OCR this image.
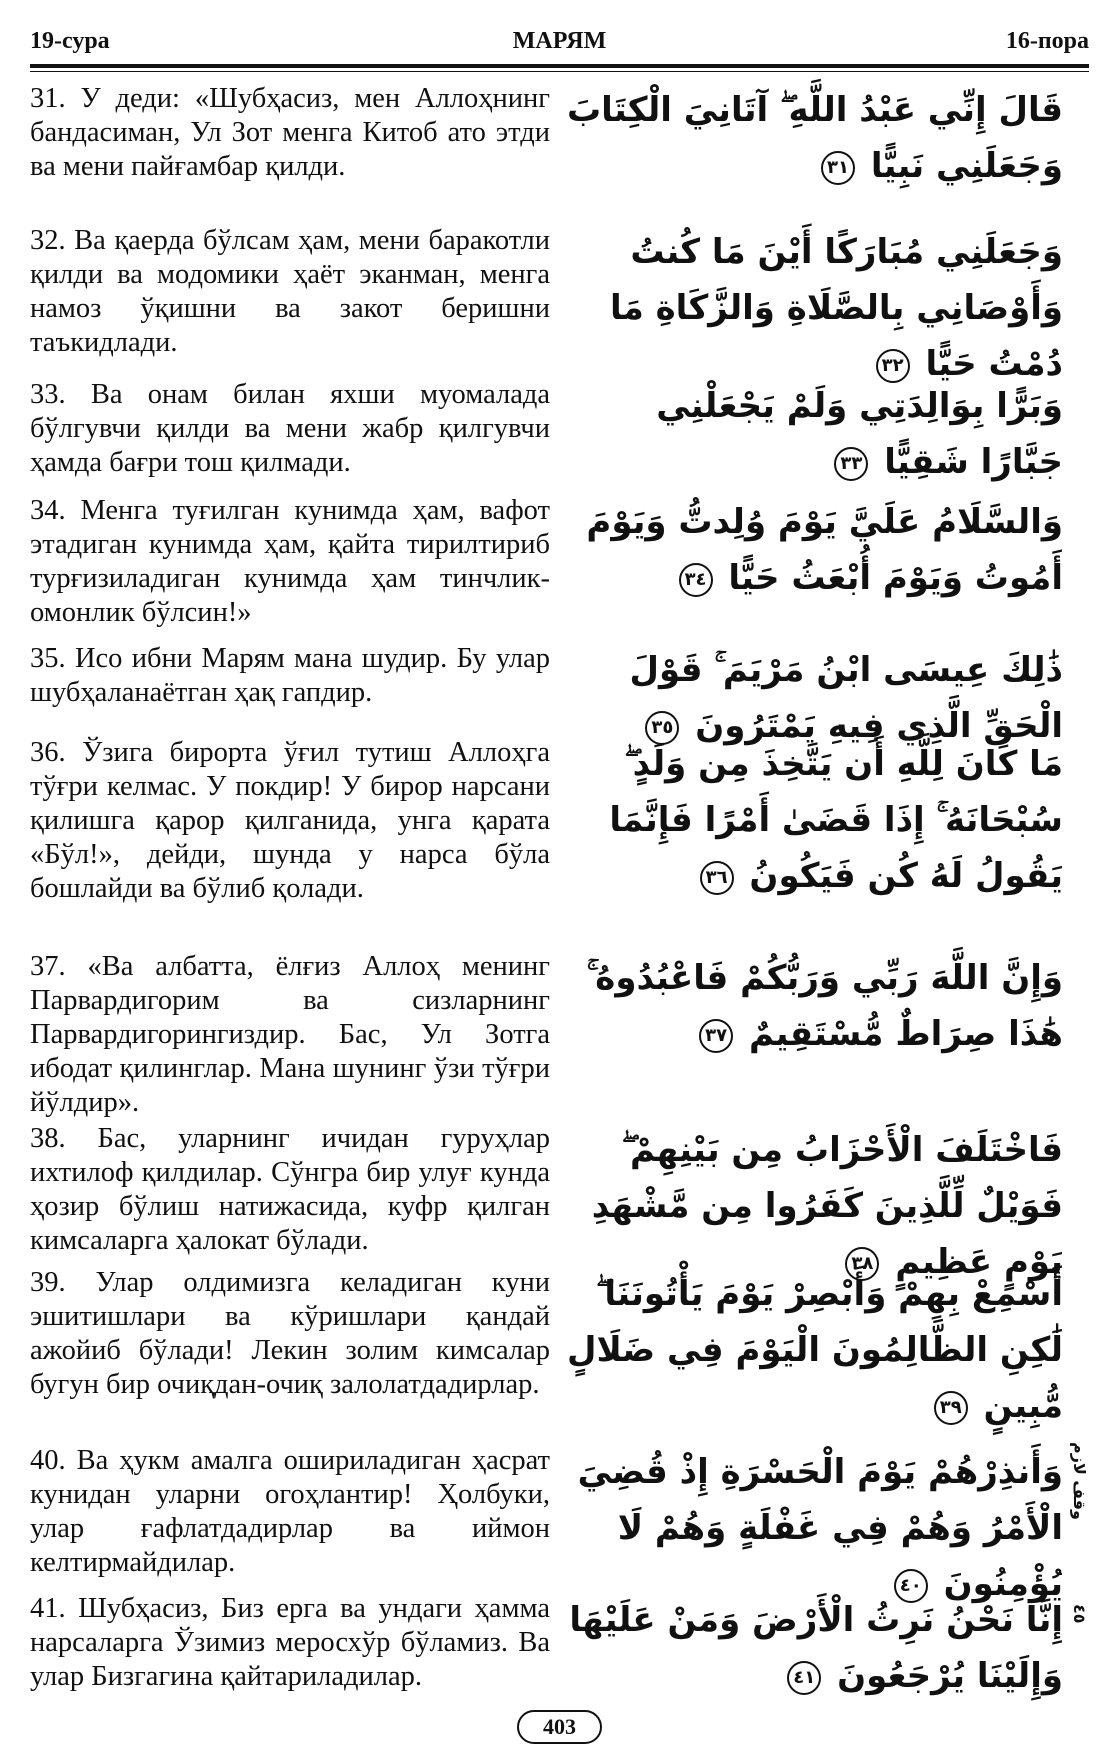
19-сура	МАРЯМ	16-пора
31. У деди: «Шубҳасиз, мен Аллоҳнинг бандасиман, Ул Зот менга Китоб ато этди ва мени пайғамбар қилди.
قَالَ إِنِّي عَبْدُ اللَّهِ ۖ آتَانِيَ الْكِتَابَ وَجَعَلَنِي نَبِيًّا ٣١
32. Ва қаерда бўлсам ҳам, мени баракотли қилди ва модомики ҳаёт эканман, менга намоз ўқишни ва закот беришни таъкидлади.
وَجَعَلَنِي مُبَارَكًا أَيْنَ مَا كُنتُ وَأَوْصَانِي بِالصَّلَاةِ وَالزَّكَاةِ مَا دُمْتُ حَيًّا ٣٢
33. Ва онам билан яхши муомалада бўлгувчи қилди ва мени жабр қилгувчи ҳамда бағри тош қилмади.
وَبَرًّا بِوَالِدَتِي وَلَمْ يَجْعَلْنِي جَبَّارًا شَقِيًّا ٣٣
34. Менга туғилган кунимда ҳам, вафот этадиган кунимда ҳам, қайта тирилтириб турғизиладиган кунимда ҳам тинчлик-омонлик бўлсин!»
وَالسَّلَامُ عَلَيَّ يَوْمَ وُلِدتُّ وَيَوْمَ أَمُوتُ وَيَوْمَ أُبْعَثُ حَيًّا ٣٤
35. Исо ибни Марям мана шудир. Бу улар шубҳаланаётган ҳақ гапдир.
ذَٰلِكَ عِيسَى ابْنُ مَرْيَمَ ۚ قَوْلَ الْحَقِّ الَّذِي فِيهِ يَمْتَرُونَ ٣٥
36. Ўзига бирорта ўғил тутиш Аллоҳга тўғри келмас. У покдир! У бирор нарсани қилишга қарор қилганида, унга қарата «Бўл!», дейди, шунда у нарса бўла бошлайди ва бўлиб қолади.
مَا كَانَ لِلَّهِ أَن يَتَّخِذَ مِن وَلَدٍ ۖ سُبْحَانَهُ ۚ إِذَا قَضَىٰ أَمْرًا فَإِنَّمَا يَقُولُ لَهُ كُن فَيَكُونُ ٣٦
37. «Ва албатта, ёлғиз Аллоҳ менинг Парвардигорим ва сизларнинг Парвардигорингиздир. Бас, Ул Зотга ибодат қилинглар. Мана шунинг ўзи тўғри йўлдир».
وَإِنَّ اللَّهَ رَبِّي وَرَبُّكُمْ فَاعْبُدُوهُ ۚ هَٰذَا صِرَاطٌ مُّسْتَقِيمٌ ٣٧
38. Бас, уларнинг ичидан гуруҳлар ихтилоф қилдилар. Сўнгра бир улуғ кунда ҳозир бўлиш натижасида, куфр қилган кимсаларга ҳалокат бўлади.
فَاخْتَلَفَ الْأَحْزَابُ مِن بَيْنِهِمْ ۖ فَوَيْلٌ لِّلَّذِينَ كَفَرُوا مِن مَّشْهَدِ يَوْمٍ عَظِيمٍ ٣٨
39. Улар олдимизга келадиган куни эшитишлари ва кўришлари қандай ажойиб бўлади! Лекин золим кимсалар бугун бир очиқдан-очиқ залолатдадирлар.
أَسْمِعْ بِهِمْ وَأَبْصِرْ يَوْمَ يَأْتُونَنَا ۖ لَٰكِنِ الظَّالِمُونَ الْيَوْمَ فِي ضَلَالٍ مُّبِينٍ ٣٩
40. Ва ҳукм амалга ошириладиган ҳасрат кунидан уларни огоҳлантир! Ҳолбуки, улар ғафлатдадирлар ва иймон келтирмайдилар.
وَأَنذِرْهُمْ يَوْمَ الْحَسْرَةِ إِذْ قُضِيَ الْأَمْرُ وَهُمْ فِي غَفْلَةٍ وَهُمْ لَا يُؤْمِنُونَ ٤٠
41. Шубҳасиз, Биз ерга ва ундаги ҳамма нарсаларга Ўзимиз меросхўр бўламиз. Ва улар Бизгагина қайтариладилар.
إِنَّا نَحْنُ نَرِثُ الْأَرْضَ وَمَنْ عَلَيْهَا وَإِلَيْنَا يُرْجَعُونَ ٤١
وقف لازم
٤٥
403
